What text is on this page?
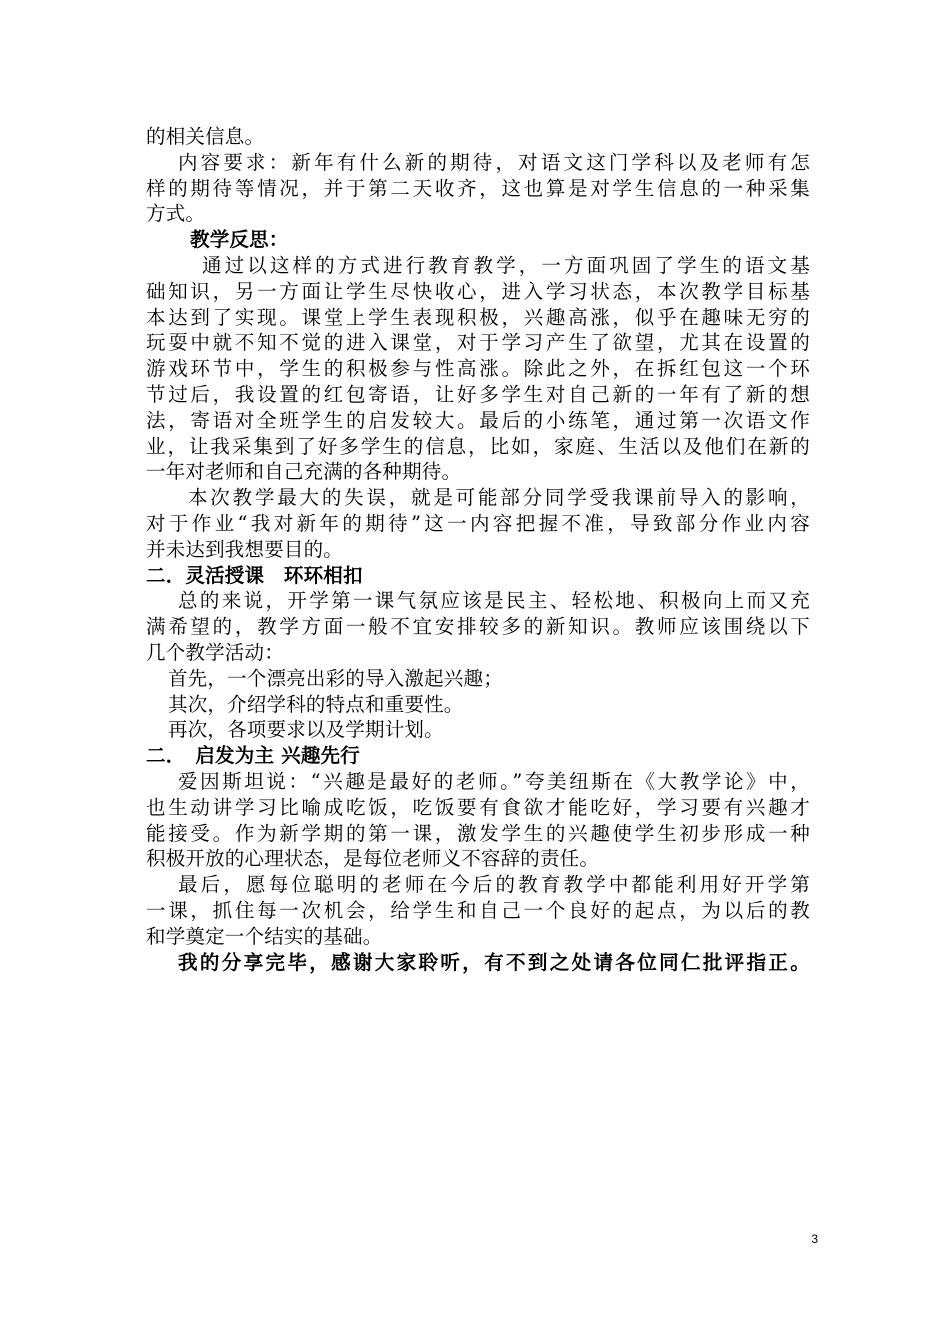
的相关信息。
内容要求：新年有什么新的期待，对语文这门学科以及老师有怎
样的期待等情况，并于第二天收齐，这也算是对学生信息的一种采集
方式。
教学反思：
通过以这样的方式进行教育教学，一方面巩固了学生的语文基
础知识，另一方面让学生尽快收心，进入学习状态，本次教学目标基
本达到了实现。课堂上学生表现积极，兴趣高涨，似乎在趣味无穷的
玩耍中就不知不觉的进入课堂，对于学习产生了欲望，尤其在设置的
游戏环节中，学生的积极参与性高涨。除此之外，在拆红包这一个环
节过后，我设置的红包寄语，让好多学生对自己新的一年有了新的想
法，寄语对全班学生的启发较大。最后的小练笔，通过第一次语文作
业，让我采集到了好多学生的信息，比如，家庭、生活以及他们在新的
一年对老师和自己充满的各种期待。
本次教学最大的失误，就是可能部分同学受我课前导入的影响，
对于作业“我对新年的期待”这一内容把握不准，导致部分作业内容
并未达到我想要目的。
二．灵活授课　环环相扣
总的来说，开学第一课气氛应该是民主、轻松地、积极向上而又充
满希望的，教学方面一般不宜安排较多的新知识。教师应该围绕以下
几个教学活动：
首先，一个漂亮出彩的导入激起兴趣；
其次，介绍学科的特点和重要性。
再次，各项要求以及学期计划。
二．　启发为主 兴趣先行
爱因斯坦说：“兴趣是最好的老师。”夸美纽斯在《大教学论》中，
也生动讲学习比喻成吃饭，吃饭要有食欲才能吃好，学习要有兴趣才
能接受。作为新学期的第一课，激发学生的兴趣使学生初步形成一种
积极开放的心理状态，是每位老师义不容辞的责任。
最后，愿每位聪明的老师在今后的教育教学中都能利用好开学第
一课，抓住每一次机会，给学生和自己一个良好的起点，为以后的教
和学奠定一个结实的基础。
我的分享完毕，感谢大家聆听，有不到之处请各位同仁批评指正。
3
